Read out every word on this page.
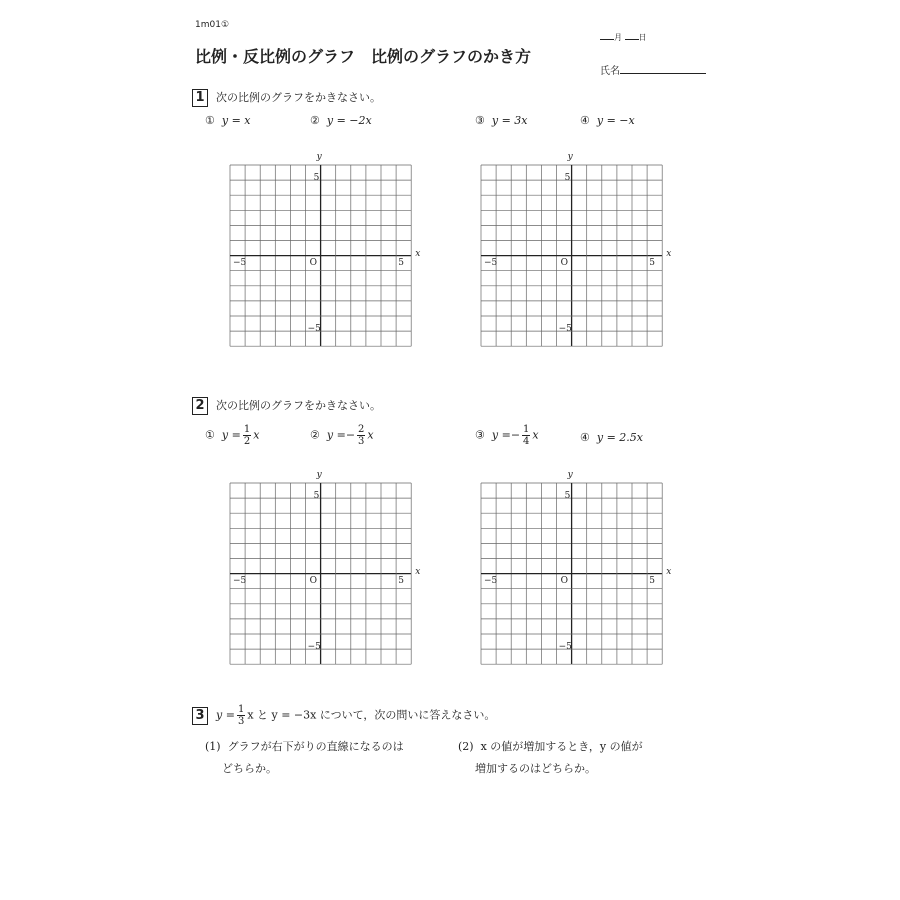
1m01①
比例・反比例のグラフ　比例のグラフのかき方
月 日
氏名
1 次の比例のグラフをかきなさい。
① y = x	② y = −2x	③ y = 3x	④ y = −x
y
x
O	5
−5
5
−5
y
x
O	5
−5
5
−5
2 次の比例のグラフをかきなさい。
① $y = \frac{1}{2}$ x	② $y =- \frac{2}{3}$ x	③ $y =- \frac{1}{4}$ x	④ y = 2.5x
y
x
O	5
−5
5
−5
y
x
O	5
−5
5
−5
3 $y = \frac{1}{3}$ x と y = −3x について，次の問いに答えなさい。
(1) グラフが右下がりの直線になるのは
どちらか。
(2) x の値が増加するとき，y の値が
増加するのはどちらか。
